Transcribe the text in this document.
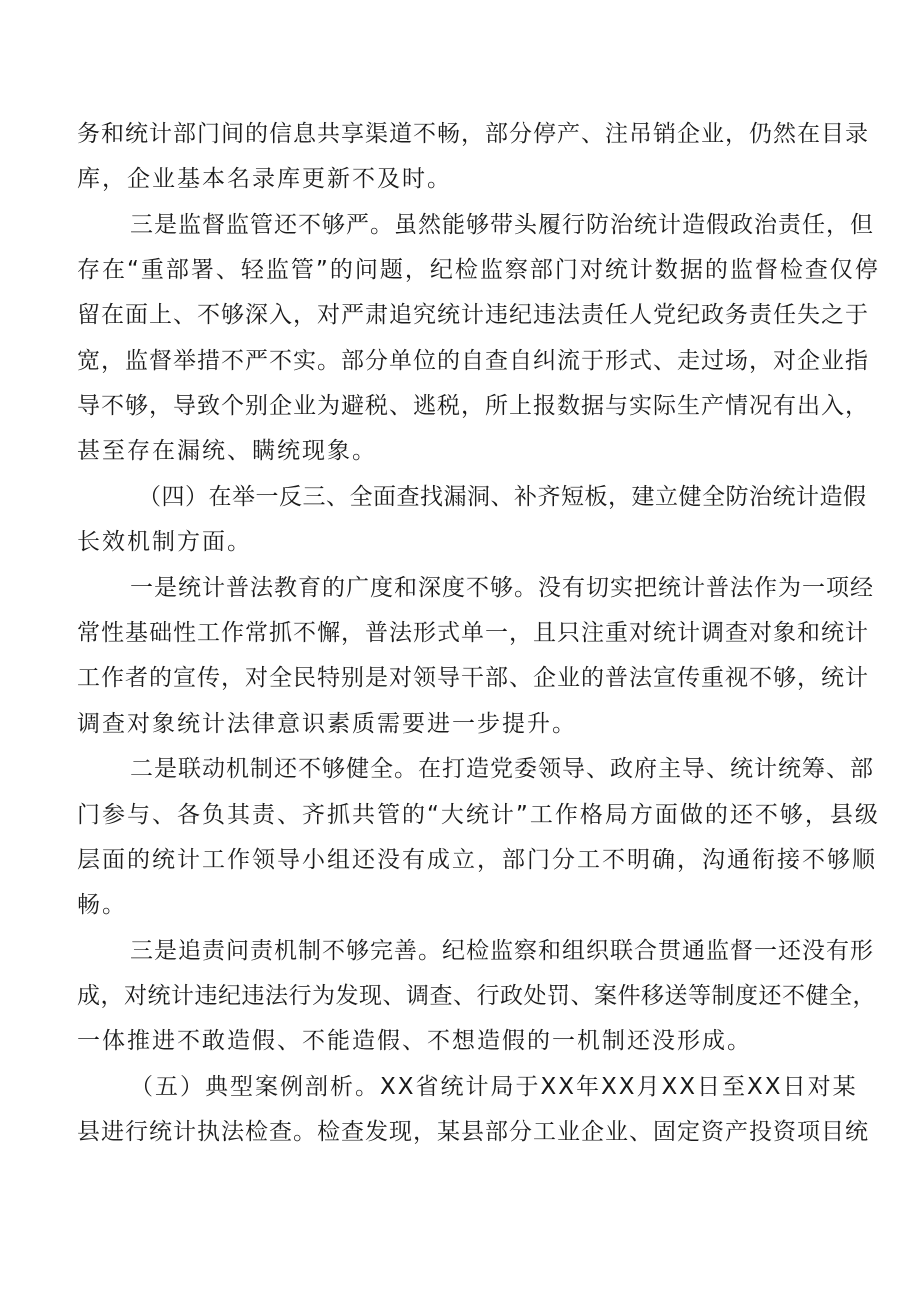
务和统计部门间的信息共享渠道不畅，部分停产、注吊销企业，仍然在目录
库，企业基本名录库更新不及时。
三是监督监管还不够严。虽然能够带头履行防治统计造假政治责任，但
存在“重部署、轻监管”的问题，纪检监察部门对统计数据的监督检查仅停
留在面上、不够深入，对严肃追究统计违纪违法责任人党纪政务责任失之于
宽，监督举措不严不实。部分单位的自查自纠流于形式、走过场，对企业指
导不够，导致个别企业为避税、逃税，所上报数据与实际生产情况有出入，
甚至存在漏统、瞒统现象。
（四）在举一反三、全面查找漏洞、补齐短板，建立健全防治统计造假
长效机制方面。
一是统计普法教育的广度和深度不够。没有切实把统计普法作为一项经
常性基础性工作常抓不懈，普法形式单一，且只注重对统计调查对象和统计
工作者的宣传，对全民特别是对领导干部、企业的普法宣传重视不够，统计
调查对象统计法律意识素质需要进一步提升。
二是联动机制还不够健全。在打造党委领导、政府主导、统计统筹、部
门参与、各负其责、齐抓共管的“大统计”工作格局方面做的还不够，县级
层面的统计工作领导小组还没有成立，部门分工不明确，沟通衔接不够顺
畅。
三是追责问责机制不够完善。纪检监察和组织联合贯通监督一还没有形
成，对统计违纪违法行为发现、调查、行政处罚、案件移送等制度还不健全，
一体推进不敢造假、不能造假、不想造假的一机制还没形成。
（五）典型案例剖析。XX省统计局于XX年XX月XX日至XX日对某
县进行统计执法检查。检查发现，某县部分工业企业、固定资产投资项目统
